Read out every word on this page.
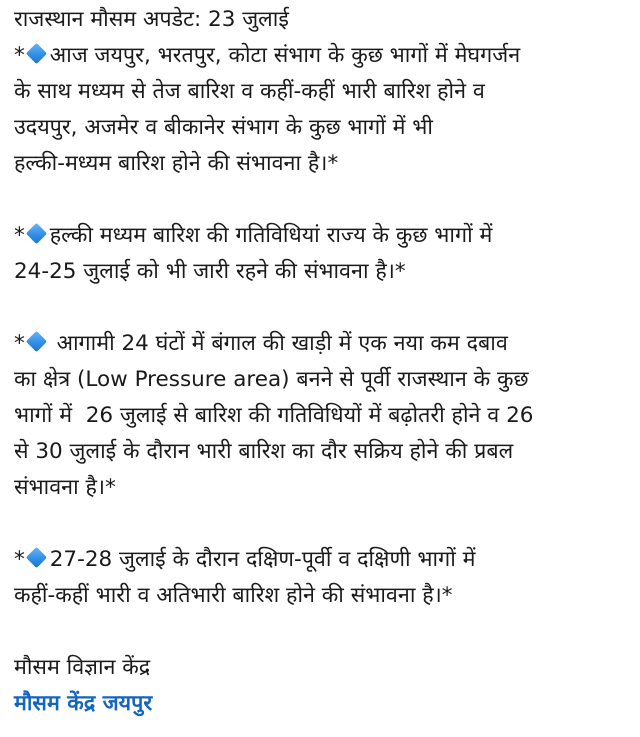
राजस्थान मौसम अपडेट: 23 जुलाई
* आज जयपुर, भरतपुर, कोटा संभाग के कुछ भागों में मेघगर्जन
के साथ मध्यम से तेज बारिश व कहीं-कहीं भारी बारिश होने व
उदयपुर, अजमेर व बीकानेर संभाग के कुछ भागों में भी
हल्की-मध्यम बारिश होने की संभावना है।*
* हल्की मध्यम बारिश की गतिविधियां राज्य के कुछ भागों में
24-25 जुलाई को भी जारी रहने की संभावना है।*
* आगामी 24 घंटों में बंगाल की खाड़ी में एक नया कम दबाव
का क्षेत्र (Low Pressure area) बनने से पूर्वी राजस्थान के कुछ
भागों में  26 जुलाई से बारिश की गतिविधियों में बढ़ोतरी होने व 26
से 30 जुलाई के दौरान भारी बारिश का दौर सक्रिय होने की प्रबल
संभावना है।*
* 27-28 जुलाई के दौरान दक्षिण-पूर्वी व दक्षिणी भागों में
कहीं-कहीं भारी व अतिभारी बारिश होने की संभावना है।*
मौसम विज्ञान केंद्र
मौसम केंद्र जयपुर
